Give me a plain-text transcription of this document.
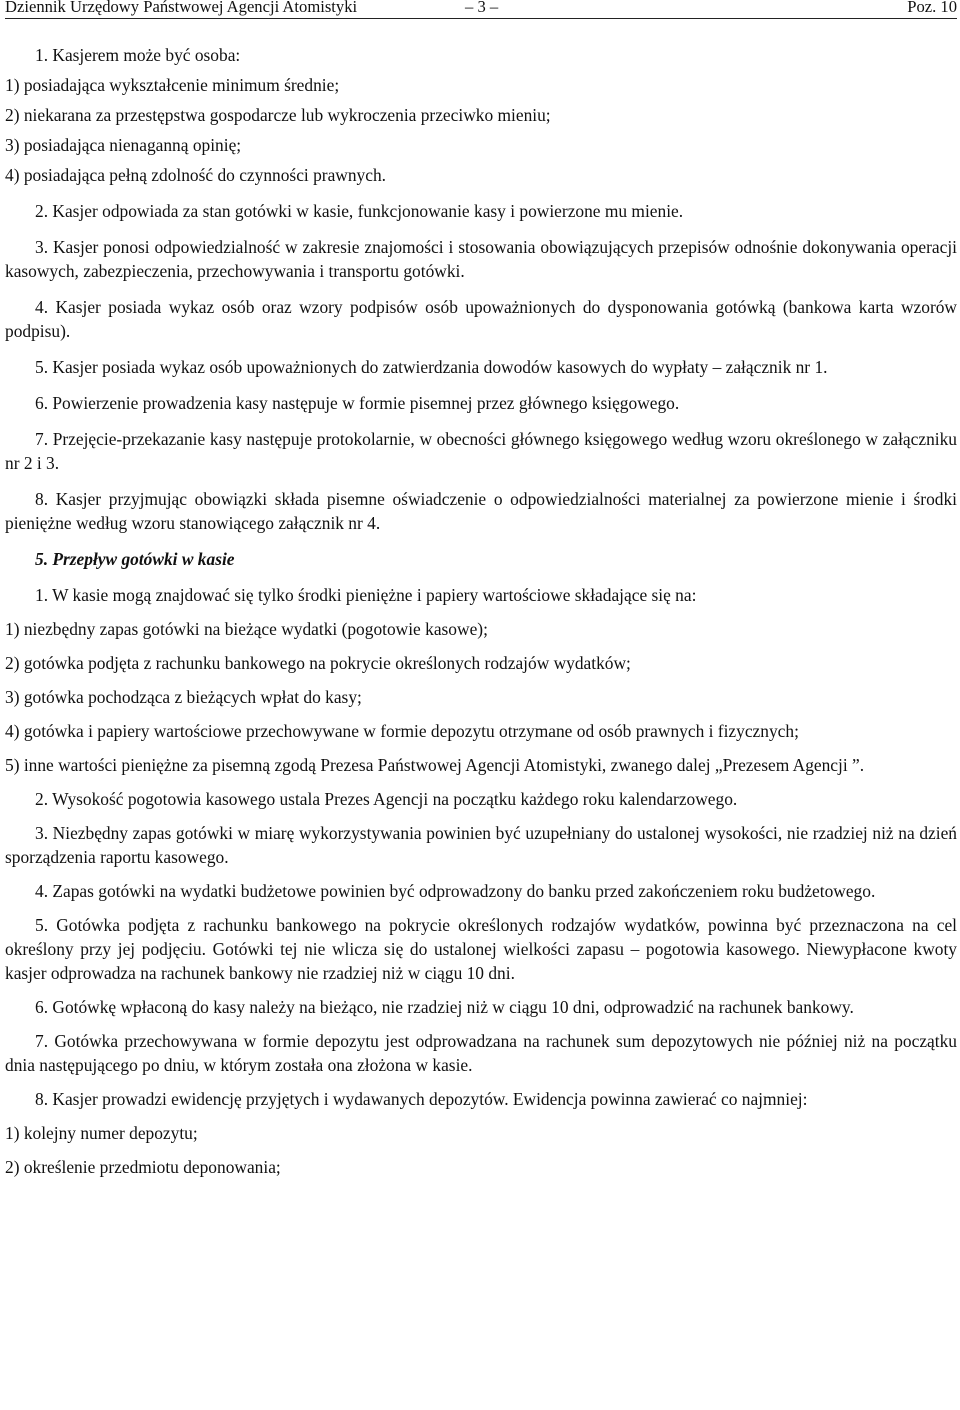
Dziennik Urzędowy Państwowej Agencji Atomistyki	– 3 –	Poz. 10

1. Kasjerem może być osoba:

1) posiadająca wykształcenie minimum średnie;

2) niekarana za przestępstwa gospodarcze lub wykroczenia przeciwko mieniu;

3) posiadająca nienaganną opinię;

4) posiadająca pełną zdolność do czynności prawnych.

2. Kasjer odpowiada za stan gotówki w kasie, funkcjonowanie kasy i powierzone mu mienie.

3. Kasjer ponosi odpowiedzialność w zakresie znajomości i stosowania obowiązujących przepisów odnośnie dokonywania operacji kasowych, zabezpieczenia, przechowywania i transportu gotówki.

4. Kasjer posiada wykaz osób oraz wzory podpisów osób upoważnionych do dysponowania gotówką (bankowa karta wzorów podpisu).

5. Kasjer posiada wykaz osób upoważnionych do zatwierdzania dowodów kasowych do wypłaty – załącznik nr 1.

6. Powierzenie prowadzenia kasy następuje w formie pisemnej przez głównego księgowego.

7. Przejęcie-przekazanie kasy następuje protokolarnie, w obecności głównego księgowego według wzoru określonego w załączniku nr 2 i 3.

8. Kasjer przyjmując obowiązki składa pisemne oświadczenie o odpowiedzialności materialnej za powierzone mienie i środki pieniężne według wzoru stanowiącego załącznik nr 4.

5. Przepływ gotówki w kasie

1. W kasie mogą znajdować się tylko środki pieniężne i papiery wartościowe składające się na:

1) niezbędny zapas gotówki na bieżące wydatki (pogotowie kasowe);

2) gotówka podjęta z rachunku bankowego na pokrycie określonych rodzajów wydatków;

3) gotówka pochodząca z bieżących wpłat do kasy;

4) gotówka i papiery wartościowe przechowywane w formie depozytu otrzymane od osób prawnych i fizycznych;

5) inne wartości pieniężne za pisemną zgodą Prezesa Państwowej Agencji Atomistyki, zwanego dalej „Prezesem Agencji ”.

2. Wysokość pogotowia kasowego ustala Prezes Agencji na początku każdego roku kalendarzowego.

3. Niezbędny zapas gotówki w miarę wykorzystywania powinien być uzupełniany do ustalonej wysokości, nie rzadziej niż na dzień sporządzenia raportu kasowego.

4. Zapas gotówki na wydatki budżetowe powinien być odprowadzony do banku przed zakończeniem roku budżetowego.

5. Gotówka podjęta z rachunku bankowego na pokrycie określonych rodzajów wydatków, powinna być przeznaczona na cel określony przy jej podjęciu. Gotówki tej nie wlicza się do ustalonej wielkości zapasu – pogotowia kasowego. Niewypłacone kwoty kasjer odprowadza na rachunek bankowy nie rzadziej niż w ciągu 10 dni.

6. Gotówkę wpłaconą do kasy należy na bieżąco, nie rzadziej niż w ciągu 10 dni, odprowadzić na rachunek bankowy.

7. Gotówka przechowywana w formie depozytu jest odprowadzana na rachunek sum depozytowych nie później niż na początku dnia następującego po dniu, w którym została ona złożona w kasie.

8. Kasjer prowadzi ewidencję przyjętych i wydawanych depozytów. Ewidencja powinna zawierać co najmniej:

1) kolejny numer depozytu;

2) określenie przedmiotu deponowania;
